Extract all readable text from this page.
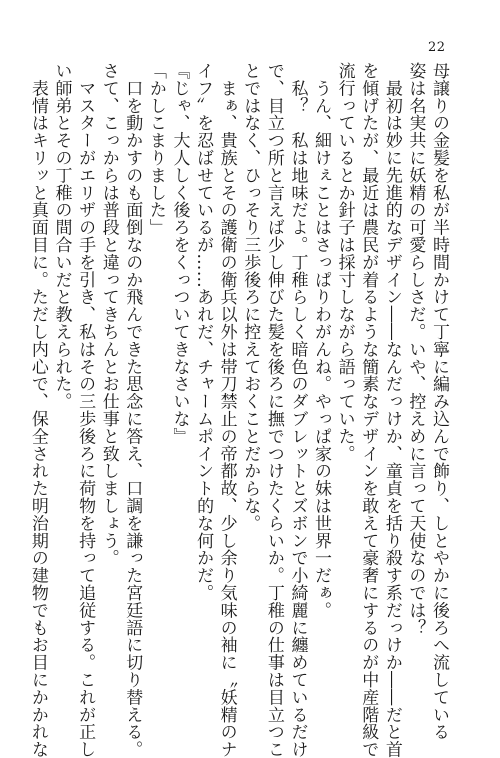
22
母譲りの金髪を私が半時間かけて丁寧に編み込んで飾り、しとやかに後ろへ流している
姿は名実共に妖精の可愛らしさだ。いや、控えめに言って天使なのでは？
　最初は妙に先進的なデザイン――なんだっけか、童貞を括り殺す系だっけか――だと首
を傾げたが、最近は農民が着るような簡素なデザインを敢えて豪奢にするのが中産階級で
流行っているとか針子は採寸しながら語っていた。
　うん、細けぇことはさっぱりわがんね。やっぱ家の妹は世界一だぁ。
　私？　私は地味だよ。丁稚らしく暗色のダブレットとズボンで小綺麗に纏めているだけ
で、目立つ所と言えば少し伸びた髪を後ろに撫でつけたくらいか。丁稚の仕事は目立つこ
とではなく、ひっそり三歩後ろに控えておくことだからな。
　まぁ、貴族とその護衛の衛兵以外は帯刀禁止の帝都故、少し余り気味の袖に〝妖精のナ
イフ〟を忍ばせているが……あれだ、チャームポイント的な何かだ。
『じゃ、大人しく後ろをくっついてきなさいな』
「かしこまりました」
　口を動かすのも面倒なのか飛んできた思念に答え、口調を謙った宮廷語に切り替える。
さて、こっからは普段と違ってきちんとお仕事と致しましょう。
　マスターがエリザの手を引き、私はその三歩後ろに荷物を持って追従する。これが正し
い師弟とその丁稚の間合いだと教えられた。
　表情はキリッと真面目に。ただし内心で、保全された明治期の建物でもお目にかかれな
